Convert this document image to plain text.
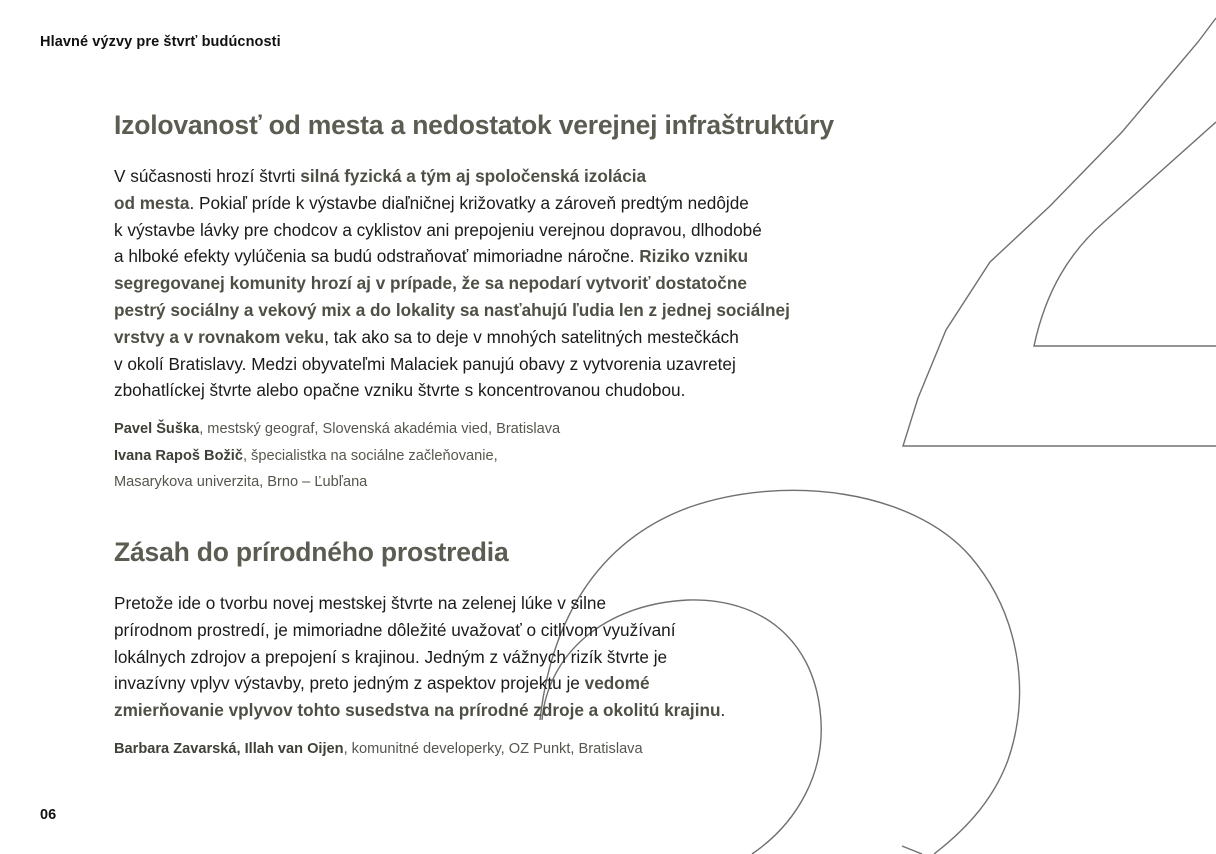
Hlavné výzvy pre štvrť budúcnosti
Izolovanosť od mesta a nedostatok verejnej infraštruktúry

V súčasnosti hrozí štvrti silná fyzická a tým aj spoločenská izolácia
od mesta. Pokiaľ príde k výstavbe diaľničnej križovatky a zároveň predtým nedôjde
k výstavbe lávky pre chodcov a cyklistov ani prepojeniu verejnou dopravou, dlhodobé
a hlboké efekty vylúčenia sa budú odstraňovať mimoriadne náročne. Riziko vzniku
segregovanej komunity hrozí aj v prípade, že sa nepodarí vytvoriť dostatočne
pestrý sociálny a vekový mix a do lokality sa nasťahujú ľudia len z jednej sociálnej
vrstvy a v rovnakom veku, tak ako sa to deje v mnohých satelitných mestečkách
v okolí Bratislavy. Medzi obyvateľmi Malaciek panujú obavy z vytvorenia uzavretej
zbohatlíckej štvrte alebo opačne vzniku štvrte s koncentrovanou chudobou.

Pavel Šuška, mestský geograf, Slovenská akadémia vied, Bratislava
Ivana Rapoš Božič, špecialistka na sociálne začleňovanie,
Masarykova univerzita, Brno – Ľubľana
Zásah do prírodného prostredia

Pretože ide o tvorbu novej mestskej štvrte na zelenej lúke v silne
prírodnom prostredí, je mimoriadne dôležité uvažovať o citlivom využívaní
lokálnych zdrojov a prepojení s krajinou. Jedným z vážnych rizík štvrte je
invazívny vplyv výstavby, preto jedným z aspektov projektu je vedomé
zmierňovanie vplyvov tohto susedstva na prírodné zdroje a okolitú krajinu.

Barbara Zavarská, Illah van Oijen, komunitné developerky, OZ Punkt, Bratislava
06
